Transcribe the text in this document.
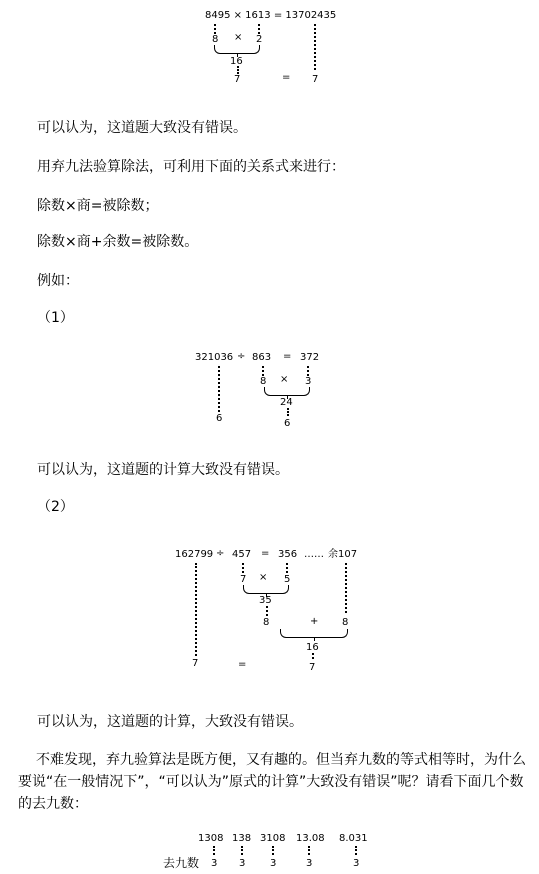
8495 × 1613 = 13702435
8 × 2
16
7	= 7
可以认为，这道题大致没有错误。
用弃九法验算除法，可利用下面的关系式来进行：
除数×商=被除数；
除数×商+余数=被除数。
例如：
（1）
321036 ÷ 863 = 372
8 × 3
24
6	6
可以认为，这道题的计算大致没有错误。
（2）
162799 ÷ 457 = 356 …… 余107
7 × 5
35
8	+ 8
16
7	=	7
可以认为，这道题的计算，大致没有错误。
不难发现，弃九验算法是既方便，又有趣的。但当弃九数的等式相等时，为什么要说“在一般情况下”，“可以认为”原式的计算”大致没有错误”呢？请看下面几个数的去九数：
1308 138 3108 13.08 8.031
去九数 3 3 3	3	3
